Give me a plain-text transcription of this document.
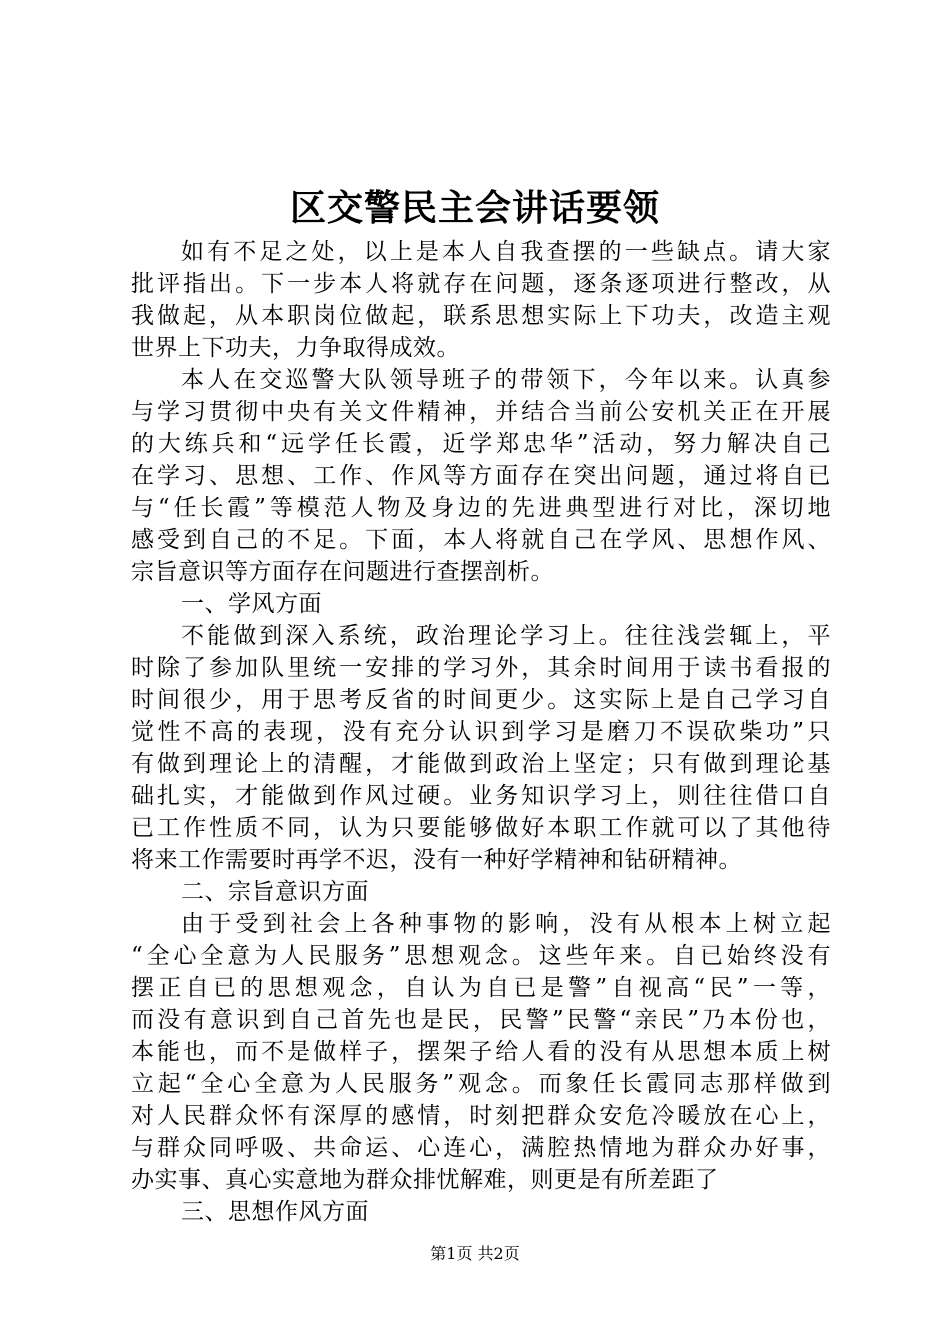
区交警民主会讲话要领
如有不足之处，以上是本人自我查摆的一些缺点。请大家
批评指出。下一步本人将就存在问题，逐条逐项进行整改，从
我做起，从本职岗位做起，联系思想实际上下功夫，改造主观
世界上下功夫，力争取得成效。
本人在交巡警大队领导班子的带领下，今年以来。认真参
与学习贯彻中央有关文件精神，并结合当前公安机关正在开展
的大练兵和“远学任长霞，近学郑忠华”活动，努力解决自己
在学习、思想、工作、作风等方面存在突出问题，通过将自已
与“任长霞”等模范人物及身边的先进典型进行对比，深切地
感受到自己的不足。下面，本人将就自己在学风、思想作风、
宗旨意识等方面存在问题进行查摆剖析。
一、学风方面
不能做到深入系统，政治理论学习上。往往浅尝辄上，平
时除了参加队里统一安排的学习外，其余时间用于读书看报的
时间很少，用于思考反省的时间更少。这实际上是自己学习自
觉性不高的表现，没有充分认识到学习是磨刀不误砍柴功”只
有做到理论上的清醒，才能做到政治上坚定；只有做到理论基
础扎实，才能做到作风过硬。业务知识学习上，则往往借口自
已工作性质不同，认为只要能够做好本职工作就可以了其他待
将来工作需要时再学不迟，没有一种好学精神和钻研精神。
二、宗旨意识方面
由于受到社会上各种事物的影响，没有从根本上树立起
“全心全意为人民服务”思想观念。这些年来。自已始终没有
摆正自已的思想观念，自认为自已是警”自视高“民”一等，
而没有意识到自己首先也是民，民警”民警“亲民”乃本份也，
本能也，而不是做样子，摆架子给人看的没有从思想本质上树
立起“全心全意为人民服务”观念。而象任长霞同志那样做到
对人民群众怀有深厚的感情，时刻把群众安危冷暖放在心上，
与群众同呼吸、共命运、心连心，满腔热情地为群众办好事，
办实事、真心实意地为群众排忧解难，则更是有所差距了
三、思想作风方面
第1页 共2页
